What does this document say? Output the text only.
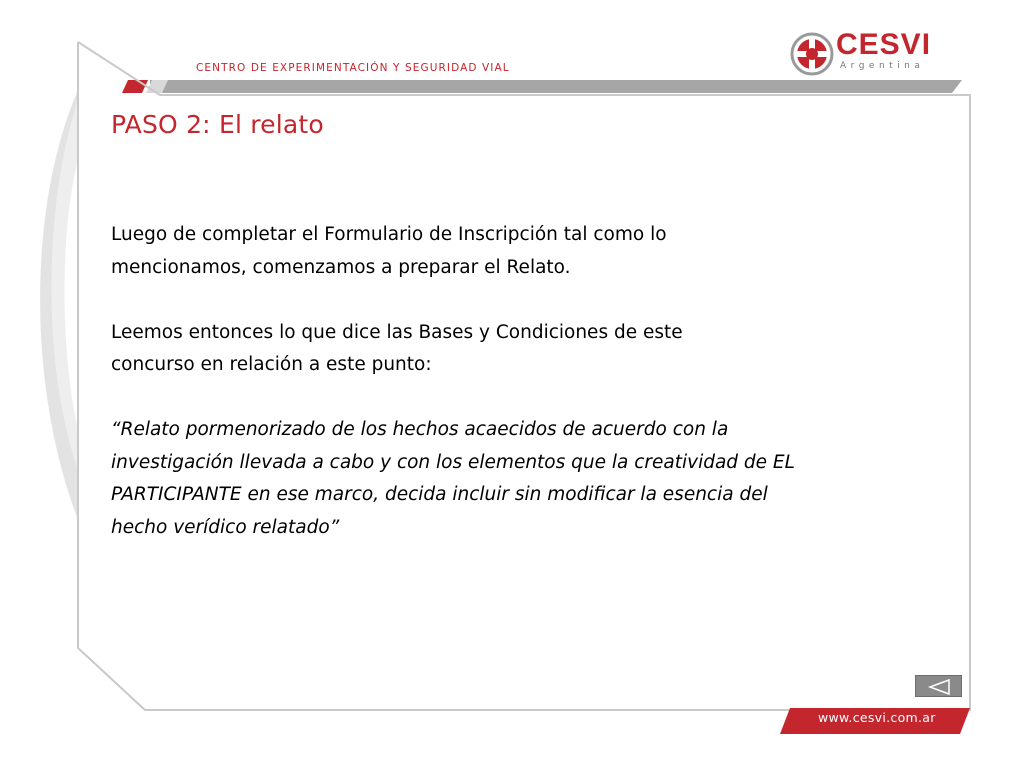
CENTRO DE EXPERIMENTACIÓN Y SEGURIDAD VIAL
CESVI
Argentina
PASO 2: El relato

Luego de completar el Formulario de Inscripción tal como lo

mencionamos, comenzamos a preparar el Relato.

Leemos entonces lo que dice las Bases y Condiciones de este

concurso en relación a este punto:

“Relato pormenorizado de los hechos acaecidos de acuerdo con la

investigación llevada a cabo y con los elementos que la creatividad de EL

PARTICIPANTE en ese marco, decida incluir sin modificar la esencia del

hecho verídico relatado”

www.cesvi.com.ar
